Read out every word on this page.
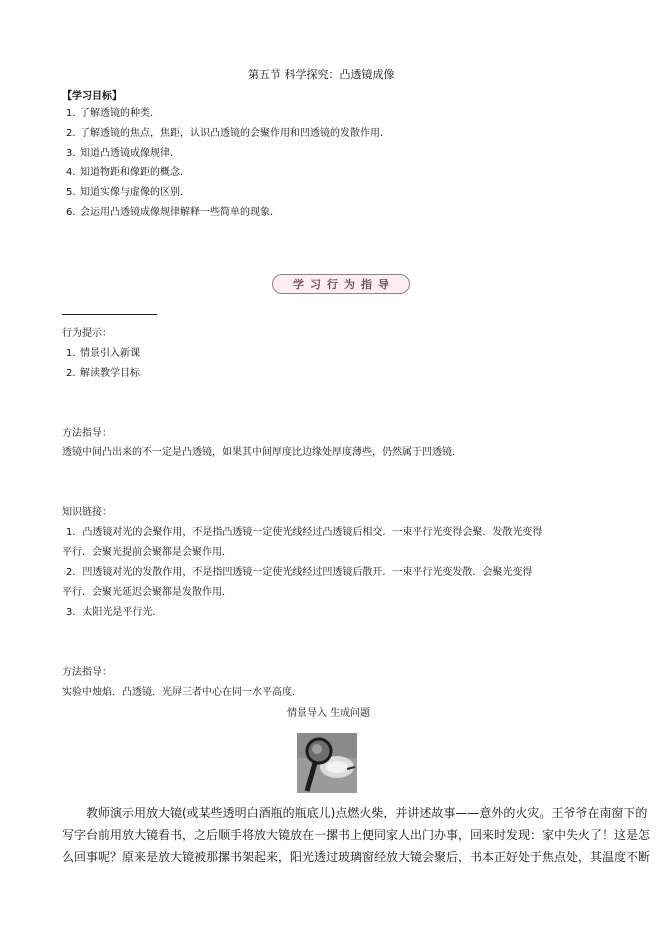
第五节 科学探究：凸透镜成像
【学习目标】
1．了解透镜的种类．
2．了解透镜的焦点，焦距，认识凸透镜的会聚作用和凹透镜的发散作用．
3．知道凸透镜成像规律．
4．知道物距和像距的概念．
5．知道实像与虚像的区别．
6．会运用凸透镜成像规律解释一些简单的现象．
学习行为指导
行为提示：
1．情景引入新课
2．解读教学目标
方法指导：
透镜中间凸出来的不一定是凸透镜，如果其中间厚度比边缘处厚度薄些，仍然属于凹透镜．
知识链接：
1．凸透镜对光的会聚作用，不是指凸透镜一定使光线经过凸透镜后相交．一束平行光变得会聚．发散光变得
平行．会聚光提前会聚都是会聚作用．
2．凹透镜对光的发散作用，不是指凹透镜一定使光线经过凹透镜后散开．一束平行光变发散．会聚光变得
平行．会聚光延迟会聚都是发散作用．
3．太阳光是平行光．
方法指导：
实验中烛焰．凸透镜．光屏三者中心在同一水平高度．
情景导入 生成问题
教师演示用放大镜(或某些透明白酒瓶的瓶底儿)点燃火柴，并讲述故事——意外的火灾。王爷爷在南窗下的
写字台前用放大镜看书，之后顺手将放大镜放在一摞书上便同家人出门办事，回来时发现：家中失火了！这是怎
么回事呢？原来是放大镜被那摞书架起来，阳光透过玻璃窗经放大镜会聚后，书本正好处于焦点处，其温度不断
